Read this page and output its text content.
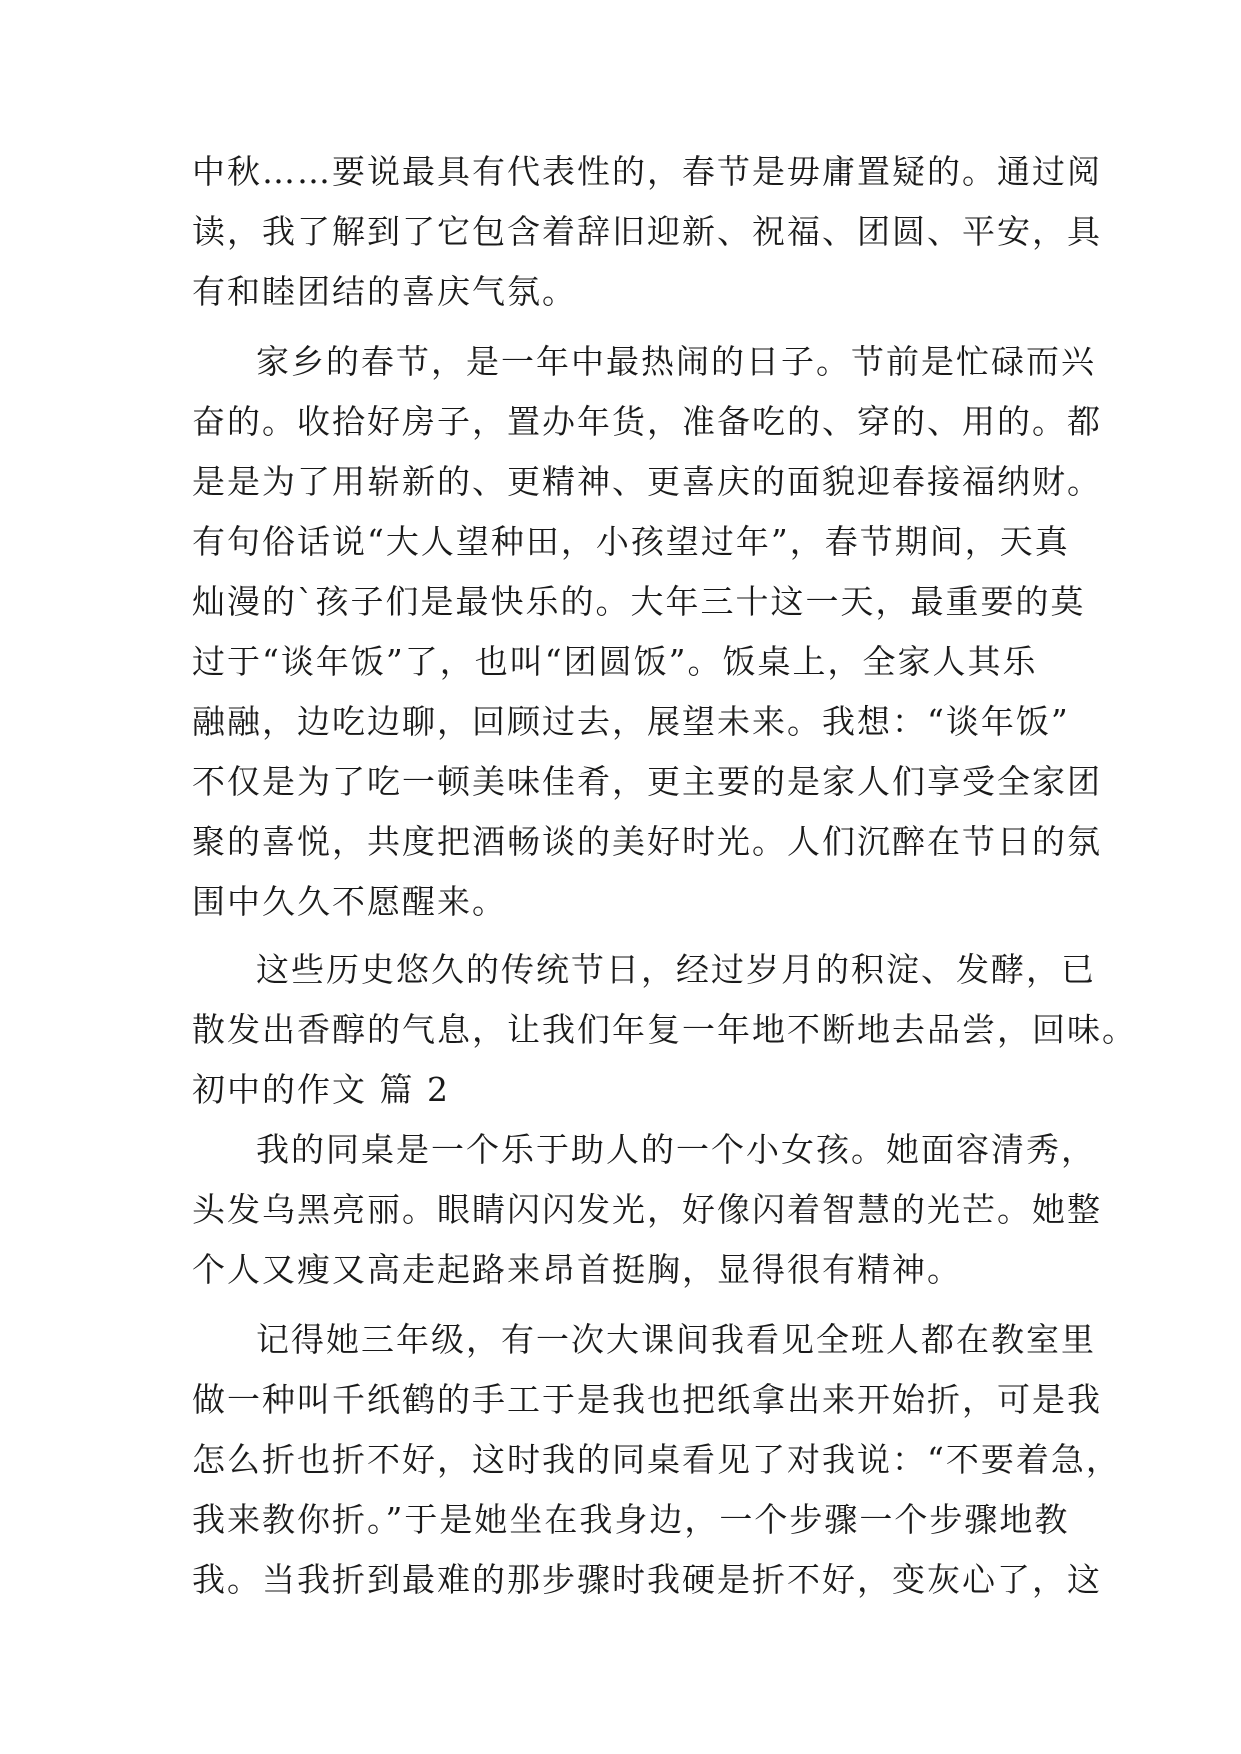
中秋……要说最具有代表性的，春节是毋庸置疑的。通过阅
读，我了解到了它包含着辞旧迎新、祝福、团圆、平安，具
有和睦团结的喜庆气氛。
家乡的春节，是一年中最热闹的日子。节前是忙碌而兴
奋的。收拾好房子，置办年货，准备吃的、穿的、用的。都
是是为了用崭新的、更精神、更喜庆的面貌迎春接福纳财。
有句俗话说“大人望种田，小孩望过年”，春节期间，天真
灿漫的`孩子们是最快乐的。大年三十这一天，最重要的莫
过于“谈年饭”了，也叫“团圆饭”。饭桌上，全家人其乐
融融，边吃边聊，回顾过去，展望未来。我想：“谈年饭”
不仅是为了吃一顿美味佳肴，更主要的是家人们享受全家团
聚的喜悦，共度把酒畅谈的美好时光。人们沉醉在节日的氛
围中久久不愿醒来。
这些历史悠久的传统节日，经过岁月的积淀、发酵，已
散发出香醇的气息，让我们年复一年地不断地去品尝，回味。
初中的作文 篇 2
我的同桌是一个乐于助人的一个小女孩。她面容清秀，
头发乌黑亮丽。眼睛闪闪发光，好像闪着智慧的光芒。她整
个人又瘦又高走起路来昂首挺胸，显得很有精神。
记得她三年级，有一次大课间我看见全班人都在教室里
做一种叫千纸鹤的手工于是我也把纸拿出来开始折，可是我
怎么折也折不好，这时我的同桌看见了对我说：“不要着急，
我来教你折。”于是她坐在我身边，一个步骤一个步骤地教
我。当我折到最难的那步骤时我硬是折不好，变灰心了，这
